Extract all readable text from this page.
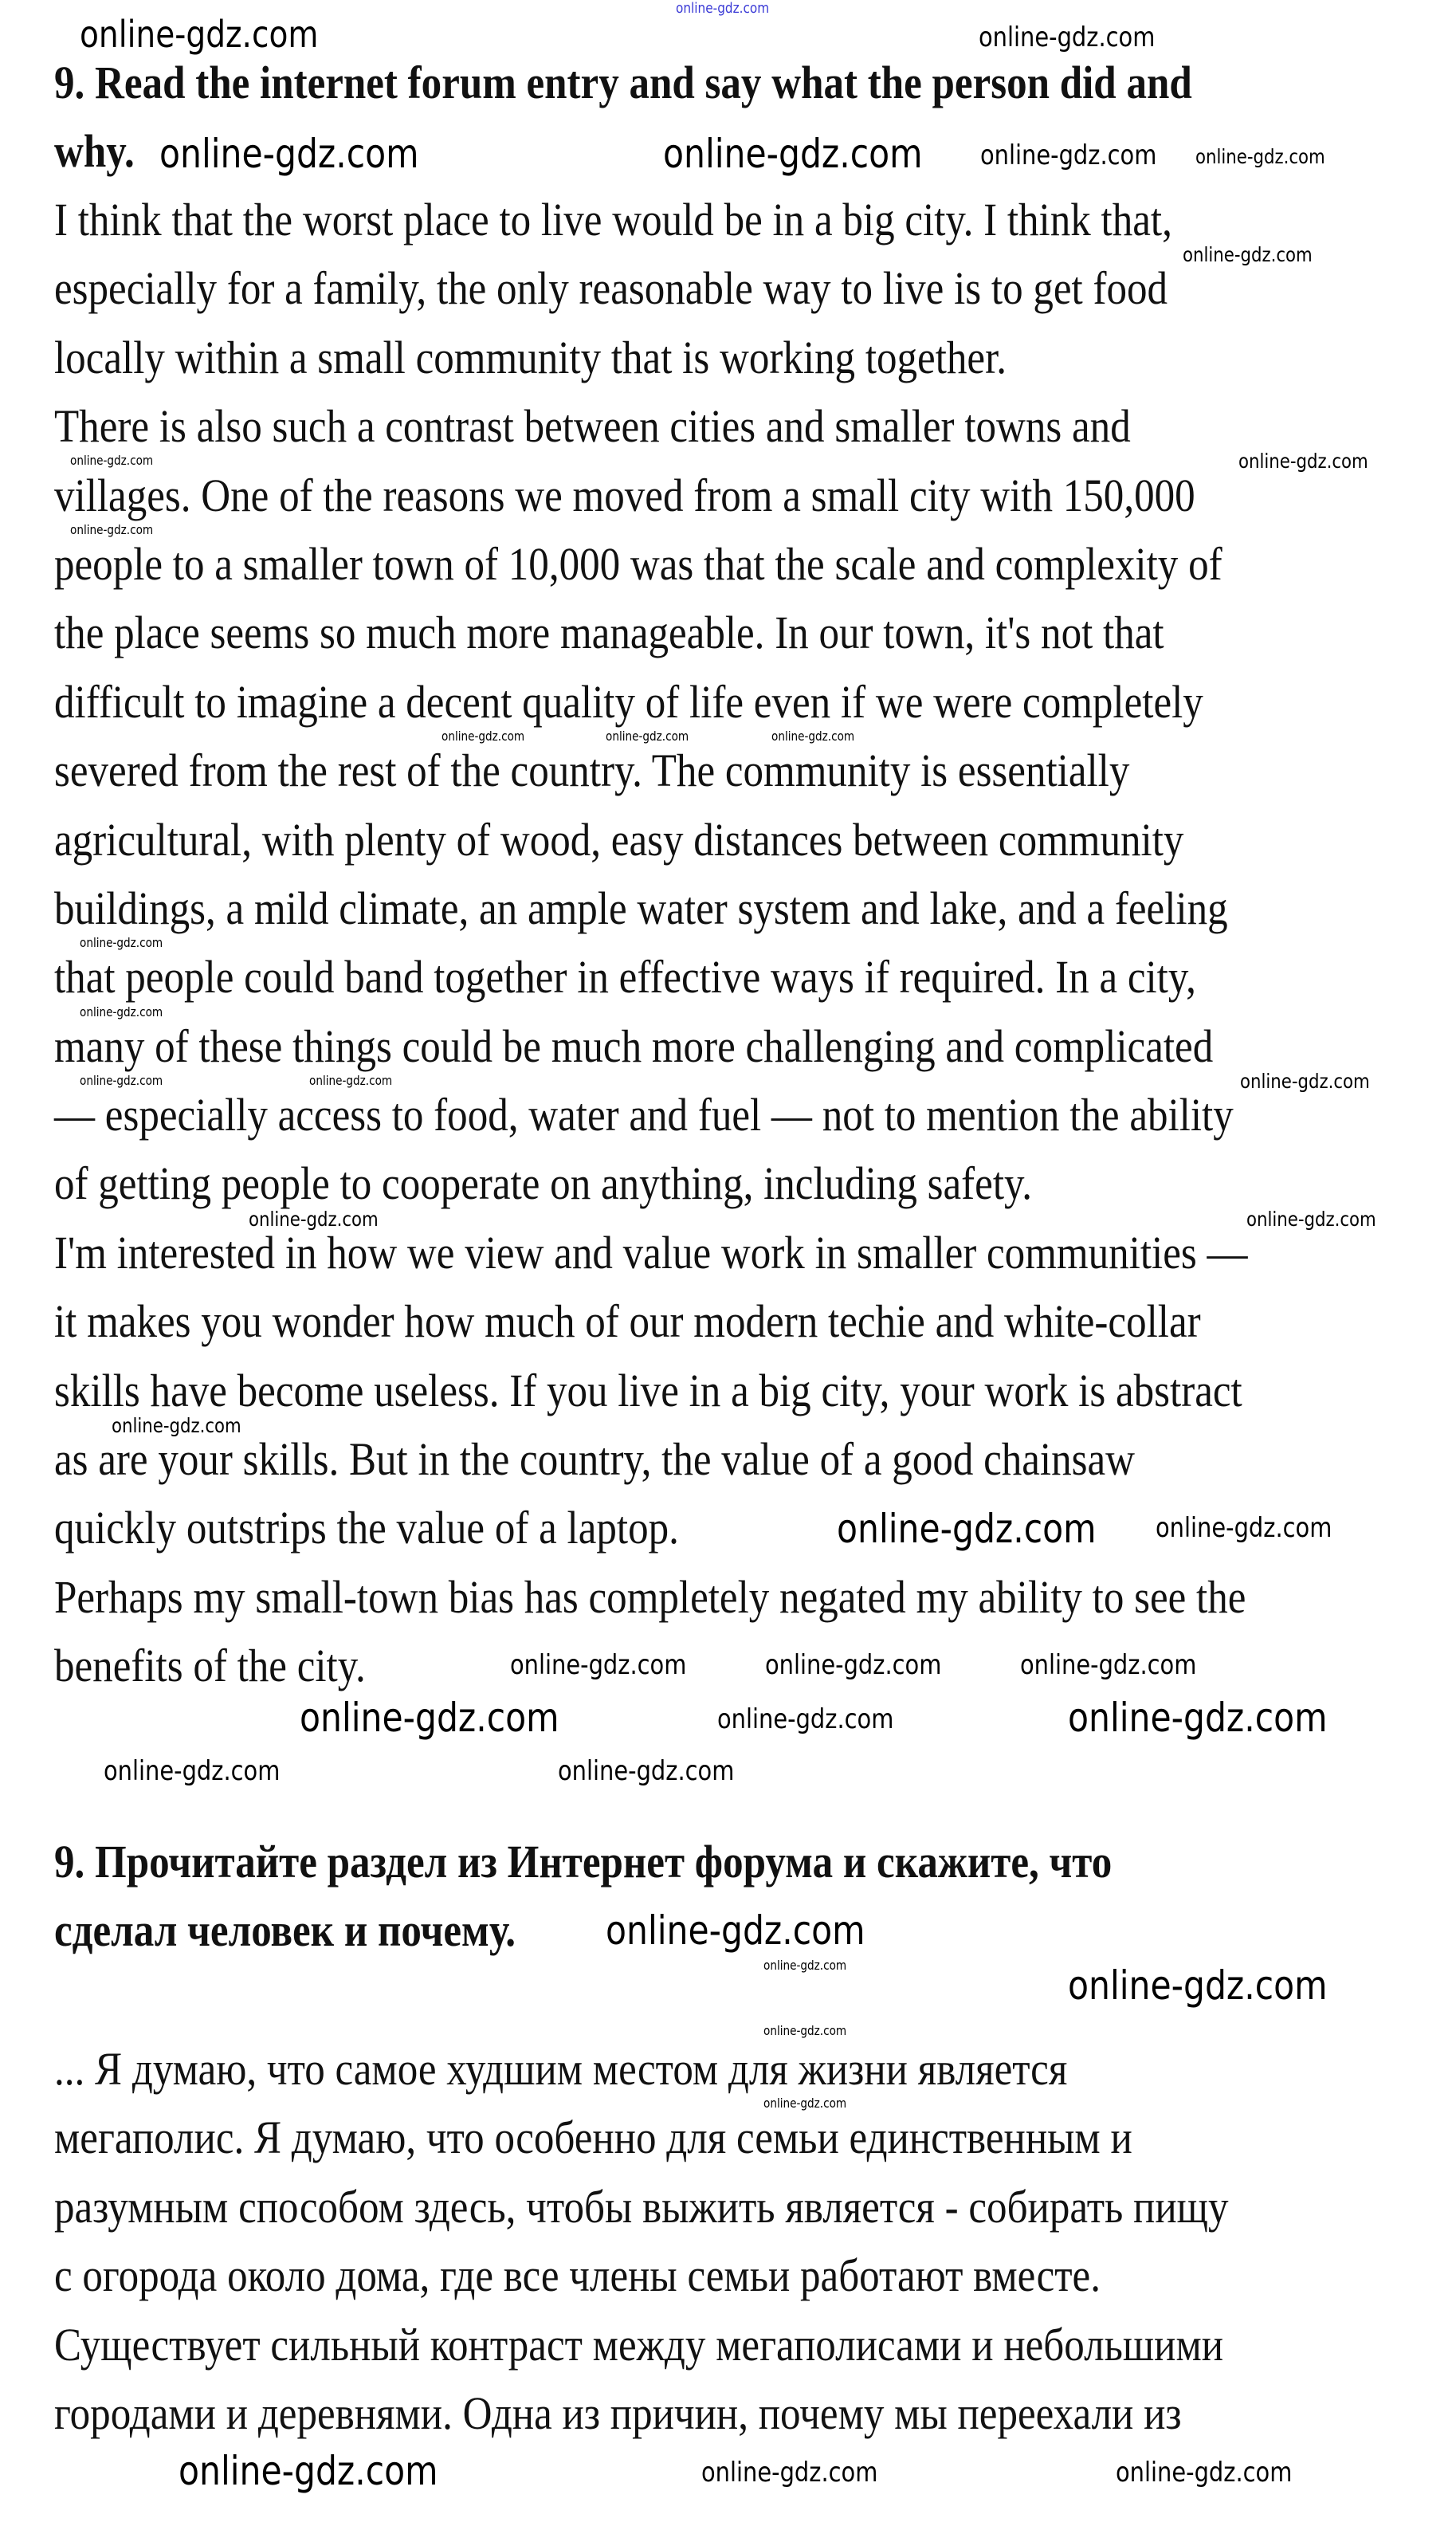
9. Read the internet forum entry and say what the person did and
why.
I think that the worst place to live would be in a big city. I think that,
especially for a family, the only reasonable way to live is to get food
locally within a small community that is working together.
There is also such a contrast between cities and smaller towns and
villages. One of the reasons we moved from a small city with 150,000
people to a smaller town of 10,000 was that the scale and complexity of
the place seems so much more manageable. In our town, it's not that
difficult to imagine a decent quality of life even if we were completely
severed from the rest of the country. The community is essentially
agricultural, with plenty of wood, easy distances between community
buildings, a mild climate, an ample water system and lake, and a feeling
that people could band together in effective ways if required. In a city,
many of these things could be much more challenging and complicated
— especially access to food, water and fuel — not to mention the ability
of getting people to cooperate on anything, including safety.
I'm interested in how we view and value work in smaller communities —
it makes you wonder how much of our modern techie and white-collar
skills have become useless. If you live in a big city, your work is abstract
as are your skills. But in the country, the value of a good chainsaw
quickly outstrips the value of a laptop.
Perhaps my small-town bias has completely negated my ability to see the
benefits of the city.
9. Прочитайте раздел из Интернет форума и скажите, что
сделал человек и почему.
... Я думаю, что самое худшим местом для жизни является
мегаполис. Я думаю, что особенно для семьи единственным и
разумным способом здесь, чтобы выжить является - собирать пищу
с огорода около дома, где все члены семьи работают вместе.
Существует сильный контраст между мегаполисами и небольшими
городами и деревнями. Одна из причин, почему мы переехали из
online-gdz.com
online-gdz.com	online-gdz.com
online-gdz.com	online-gdz.com online-gdz.com online-gdz.com
online-gdz.com
online-gdz.com	online-gdz.com
online-gdz.com
online-gdz.com	online-gdz.com	online-gdz.com
online-gdz.com
online-gdz.com
online-gdz.com	online-gdz.com	online-gdz.com
online-gdz.com	online-gdz.com
online-gdz.com
online-gdz.com online-gdz.com
online-gdz.com	online-gdz.com	online-gdz.com
online-gdz.com	online-gdz.com	online-gdz.com
online-gdz.com	online-gdz.com
online-gdz.com
online-gdz.com	online-gdz.com
online-gdz.com
online-gdz.com
online-gdz.com	online-gdz.com	online-gdz.com
